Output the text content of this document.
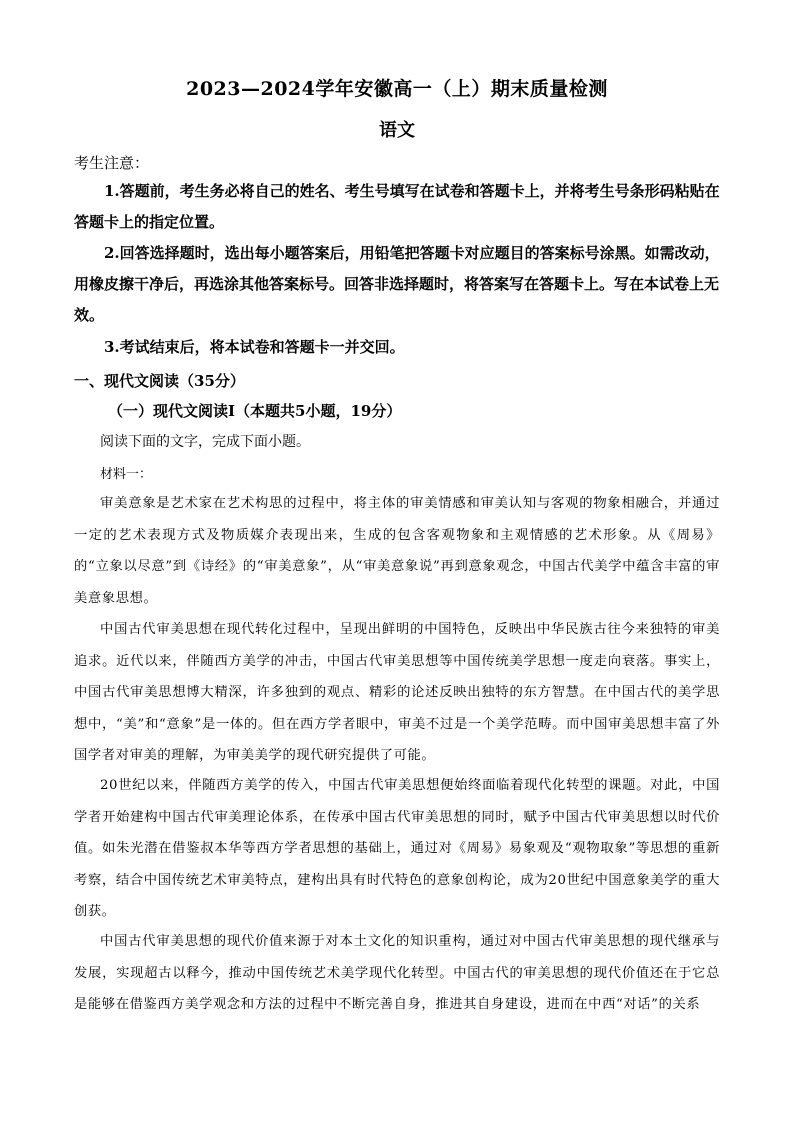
2023—2024学年安徽高一（上）期末质量检测
语文
考生注意：
1.答题前，考生务必将自己的姓名、考生号填写在试卷和答题卡上，并将考生号条形码粘贴在答题卡上的指定位置。
2.回答选择题时，选出每小题答案后，用铅笔把答题卡对应题目的答案标号涂黑。如需改动，用橡皮擦干净后，再选涂其他答案标号。回答非选择题时，将答案写在答题卡上。写在本试卷上无效。
3.考试结束后，将本试卷和答题卡一并交回。
一、现代文阅读（35分）
（一）现代文阅读Ⅰ（本题共5小题，19分）
阅读下面的文字，完成下面小题。
材料一：
审美意象是艺术家在艺术构思的过程中，将主体的审美情感和审美认知与客观的物象相融合，并通过一定的艺术表现方式及物质媒介表现出来，生成的包含客观物象和主观情感的艺术形象。从《周易》的“立象以尽意”到《诗经》的“审美意象”，从“审美意象说”再到意象观念，中国古代美学中蕴含丰富的审美意象思想。
中国古代审美思想在现代转化过程中，呈现出鲜明的中国特色，反映出中华民族古往今来独特的审美追求。近代以来，伴随西方美学的冲击，中国古代审美思想等中国传统美学思想一度走向衰落。事实上，中国古代审美思想博大精深，许多独到的观点、精彩的论述反映出独特的东方智慧。在中国古代的美学思想中，“美”和“意象”是一体的。但在西方学者眼中，审美不过是一个美学范畴。而中国审美思想丰富了外国学者对审美的理解，为审美美学的现代研究提供了可能。
20世纪以来，伴随西方美学的传入，中国古代审美思想便始终面临着现代化转型的课题。对此，中国学者开始建构中国古代审美理论体系，在传承中国古代审美思想的同时，赋予中国古代审美思想以时代价值。如朱光潜在借鉴叔本华等西方学者思想的基础上，通过对《周易》易象观及“观物取象”等思想的重新考察，结合中国传统艺术审美特点，建构出具有时代特色的意象创构论，成为20世纪中国意象美学的重大创获。
中国古代审美思想的现代价值来源于对本土文化的知识重构，通过对中国古代审美思想的现代继承与发展，实现超古以释今，推动中国传统艺术美学现代化转型。中国古代的审美思想的现代价值还在于它总是能够在借鉴西方美学观念和方法的过程中不断完善自身，推进其自身建设，进而在中西“对话”的关系
